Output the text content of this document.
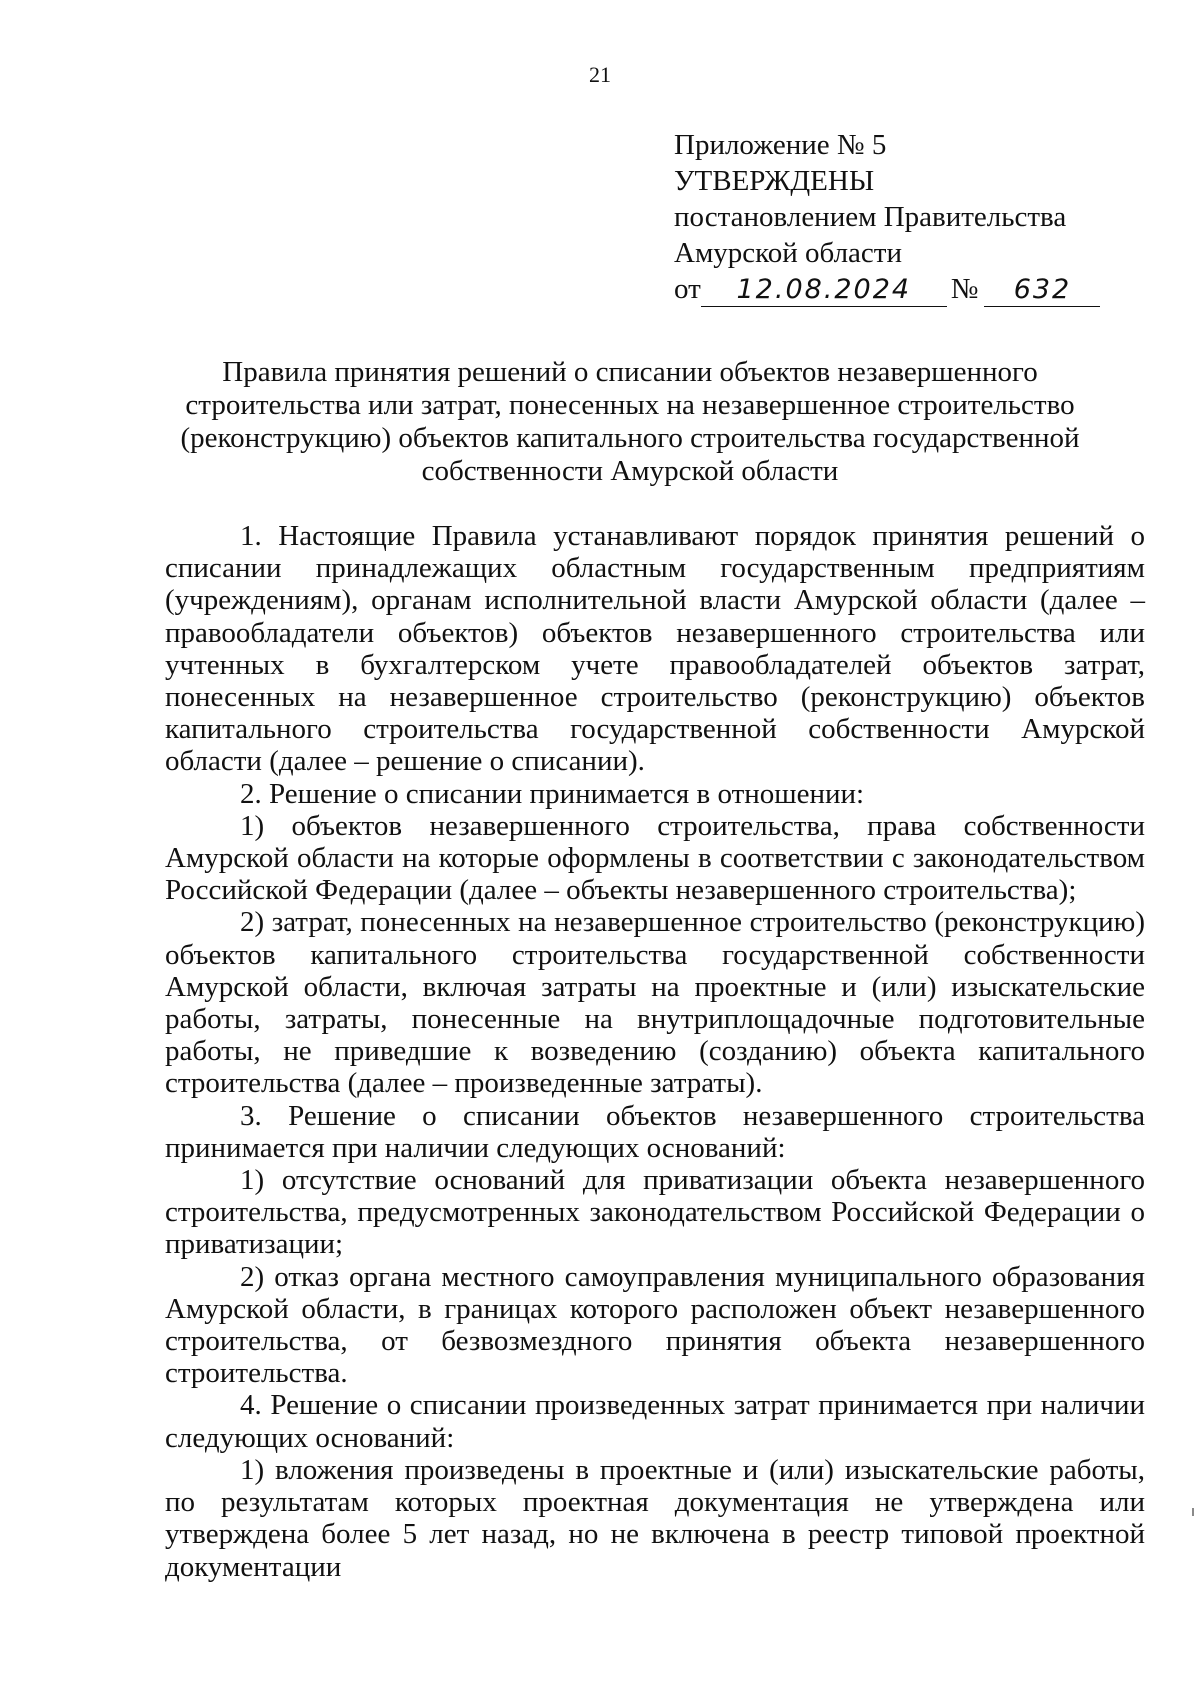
21
Приложение № 5
УТВЕРЖДЕНЫ
постановлением Правительства
Амурской области
от	12.08.2024	№	632
Правила принятия решений о списании объектов незавершенного
строительства или затрат, понесенных на незавершенное строительство
(реконструкцию) объектов капитального строительства государственной
собственности Амурской области

1. Настоящие Правила устанавливают порядок принятия решений о списании принадлежащих областным государственным предприятиям (учреждениям), органам исполнительной власти Амурской области (далее – правообладатели объектов) объектов незавершенного строительства или учтенных в бухгалтерском учете правообладателей объектов затрат, понесенных на незавершенное строительство (реконструкцию) объектов капитального строительства государственной собственности Амурской области (далее – решение о списании).

2. Решение о списании принимается в отношении:

1) объектов незавершенного строительства, права собственности Амурской области на которые оформлены в соответствии с законодательством Российской Федерации (далее – объекты незавершенного строительства);

2) затрат, понесенных на незавершенное строительство (реконструкцию) объектов капитального строительства государственной собственности Амурской области, включая затраты на проектные и (или) изыскательские работы, затраты, понесенные на внутриплощадочные подготовительные работы, не приведшие к возведению (созданию) объекта капитального строительства (далее – произведенные затраты).

3. Решение о списании объектов незавершенного строительства принимается при наличии следующих оснований:

1) отсутствие оснований для приватизации объекта незавершенного строительства, предусмотренных законодательством Российской Федерации о приватизации;

2) отказ органа местного самоуправления муниципального образования Амурской области, в границах которого расположен объект незавершенного строительства, от безвозмездного принятия объекта незавершенного строительства.

4. Решение о списании произведенных затрат принимается при наличии следующих оснований:

1) вложения произведены в проектные и (или) изыскательские работы, по результатам которых проектная документация не утверждена или утверждена более 5 лет назад, но не включена в реестр типовой проектной документации
